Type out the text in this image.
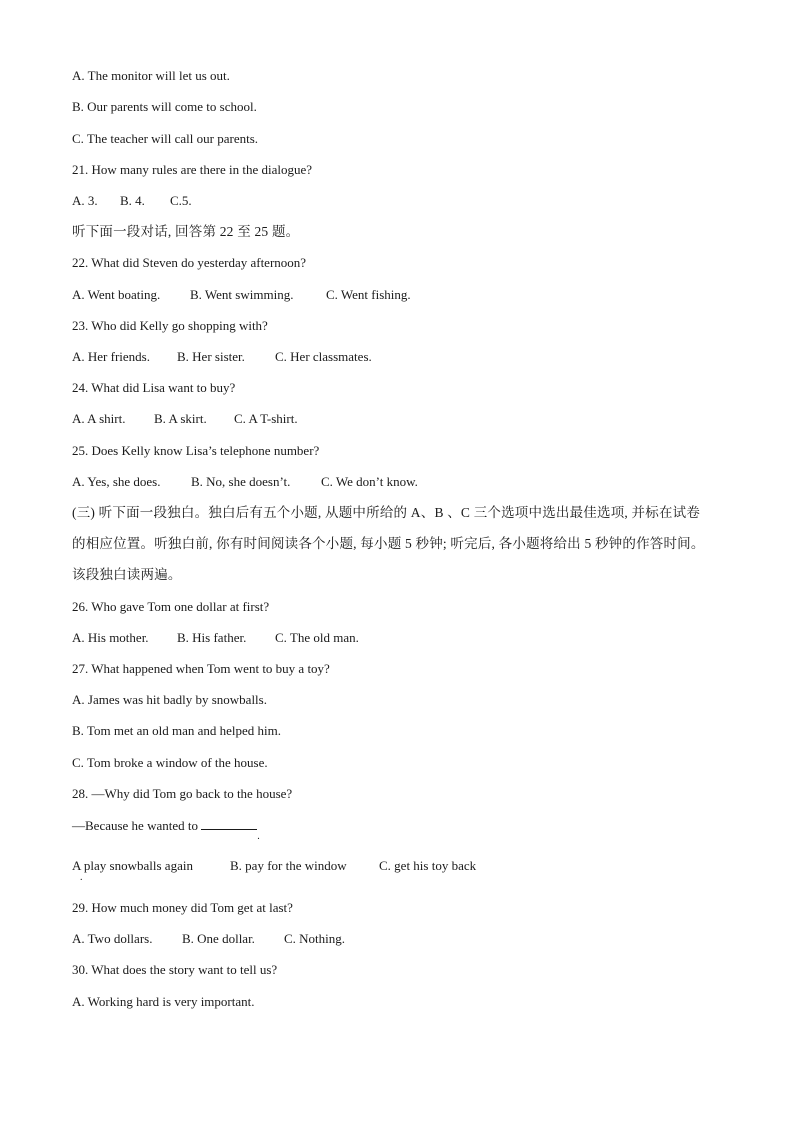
A. The monitor will let us out.
B. Our parents will come to school.
C. The teacher will call our parents.
21. How many rules are there in the dialogue?
A. 3. B. 4. C.5.
听下面一段对话, 回答第 22 至 25 题。
22. What did Steven do yesterday afternoon?
A. Went boating. B. Went swimming.	C. Went fishing.
23. Who did Kelly go shopping with?
A. Her friends. B. Her sister. C. Her classmates.
24. What did Lisa want to buy?
A. A shirt. B. A skirt. C. A T-shirt.
25. Does Kelly know Lisa’s telephone number?
A. Yes, she does. B. No, she doesn’t. C. We don’t know.
(三) 听下面一段独白。独白后有五个小题, 从题中所给的 A、B 、C 三个选项中选出最佳选项, 并标在试卷
的相应位置。听独白前, 你有时间阅读各个小题, 每小题 5 秒钟; 听完后, 各小题将给出 5 秒钟的作答时间。
该段独白读两遍。
26. Who gave Tom one dollar at first?
A. His mother. B. His father. C. The old man.
27. What happened when Tom went to buy a toy?
A. James was hit badly by snowballs.
B. Tom met an old man and helped him.
C. Tom broke a window of the house.
28. —Why did Tom go back to the house?
—Because he wanted to $_.$
A play snowballs again	B. pay for the window C. get his toy back
.
29. How much money did Tom get at last?
A. Two dollars. B. One dollar. C. Nothing.
30. What does the story want to tell us?
A. Working hard is very important.
